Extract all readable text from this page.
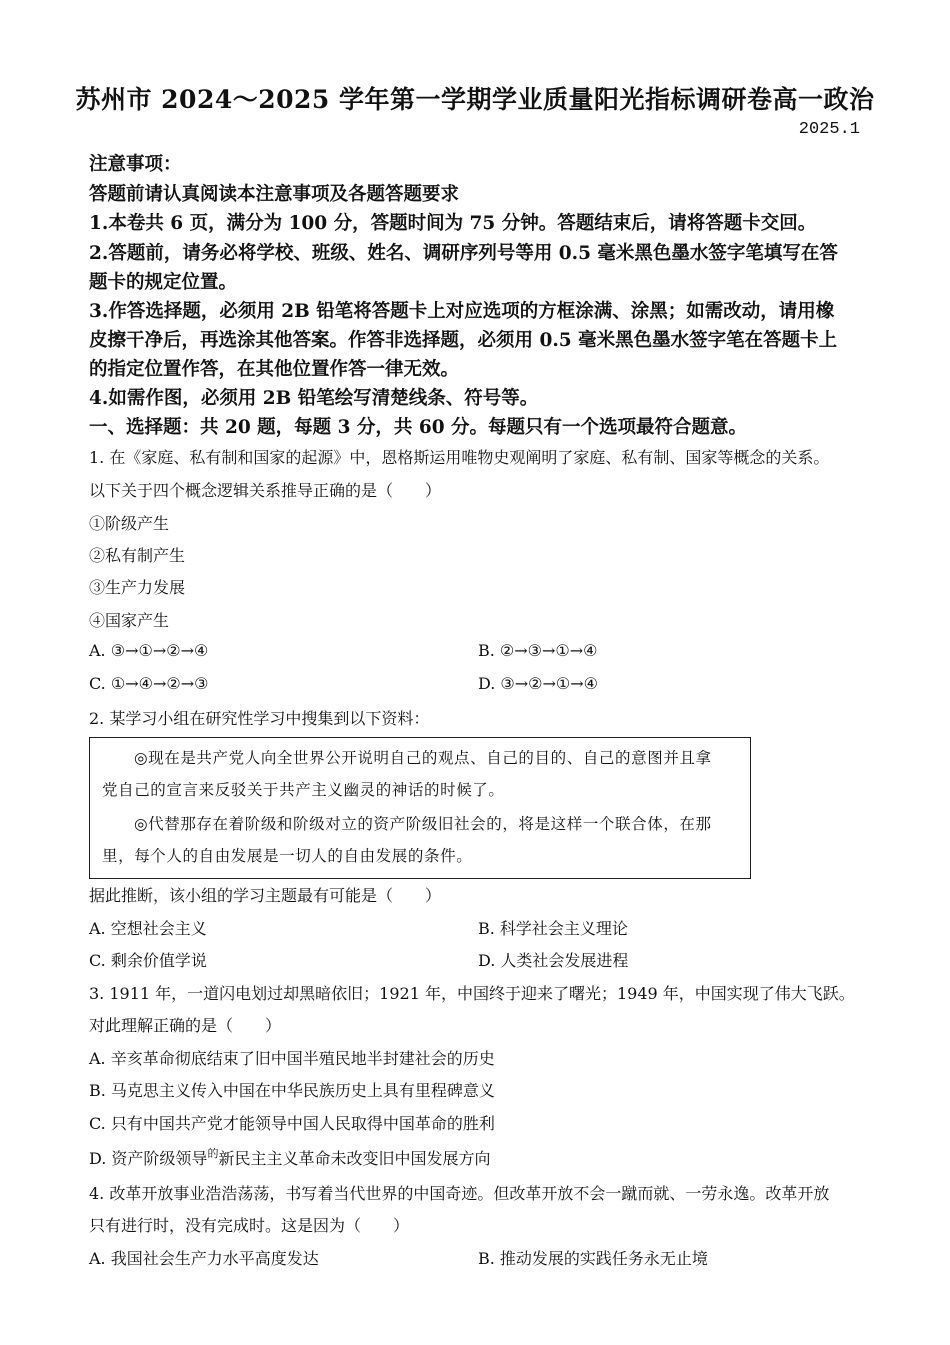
苏州市 2024～2025 学年第一学期学业质量阳光指标调研卷高一政治
2025.1
注意事项：
答题前请认真阅读本注意事项及各题答题要求
1.本卷共 6 页，满分为 100 分，答题时间为 75 分钟。答题结束后，请将答题卡交回。
2.答题前，请务必将学校、班级、姓名、调研序列号等用 0.5 毫米黑色墨水签字笔填写在答
题卡的规定位置。
3.作答选择题，必须用 2B 铅笔将答题卡上对应选项的方框涂满、涂黑；如需改动，请用橡
皮擦干净后，再选涂其他答案。作答非选择题，必须用 0.5 毫米黑色墨水签字笔在答题卡上
的指定位置作答，在其他位置作答一律无效。
4.如需作图，必须用 2B 铅笔绘写清楚线条、符号等。
一、选择题：共 20 题，每题 3 分，共 60 分。每题只有一个选项最符合题意。
1. 在《家庭、私有制和国家的起源》中，恩格斯运用唯物史观阐明了家庭、私有制、国家等概念的关系。
以下关于四个概念逻辑关系推导正确的是（　　）
①阶级产生
②私有制产生
③生产力发展
④国家产生
A. ③→①→②→④	B. ②→③→①→④
C. ①→④→②→③	D. ③→②→①→④
2. 某学习小组在研究性学习中搜集到以下资料：
◎现在是共产党人向全世界公开说明自己的观点、自己的目的、自己的意图并且拿
党自己的宣言来反驳关于共产主义幽灵的神话的时候了。
◎代替那存在着阶级和阶级对立的资产阶级旧社会的，将是这样一个联合体，在那
里，每个人的自由发展是一切人的自由发展的条件。
据此推断，该小组的学习主题最有可能是（　　）
A. 空想社会主义	B. 科学社会主义理论
C. 剩余价值学说	D. 人类社会发展进程
3. 1911 年，一道闪电划过却黑暗依旧；1921 年，中国终于迎来了曙光；1949 年，中国实现了伟大飞跃。
对此理解正确的是（　　）
A. 辛亥革命彻底结束了旧中国半殖民地半封建社会的历史
B. 马克思主义传入中国在中华民族历史上具有里程碑意义
C. 只有中国共产党才能领导中国人民取得中国革命的胜利
D. 资产阶级领导$^的$新民主主义革命未改变旧中国发展方向
4. 改革开放事业浩浩荡荡，书写着当代世界的中国奇迹。但改革开放不会一蹴而就、一劳永逸。改革开放
只有进行时，没有完成时。这是因为（　　）
A. 我国社会生产力水平高度发达	B. 推动发展的实践任务永无止境
